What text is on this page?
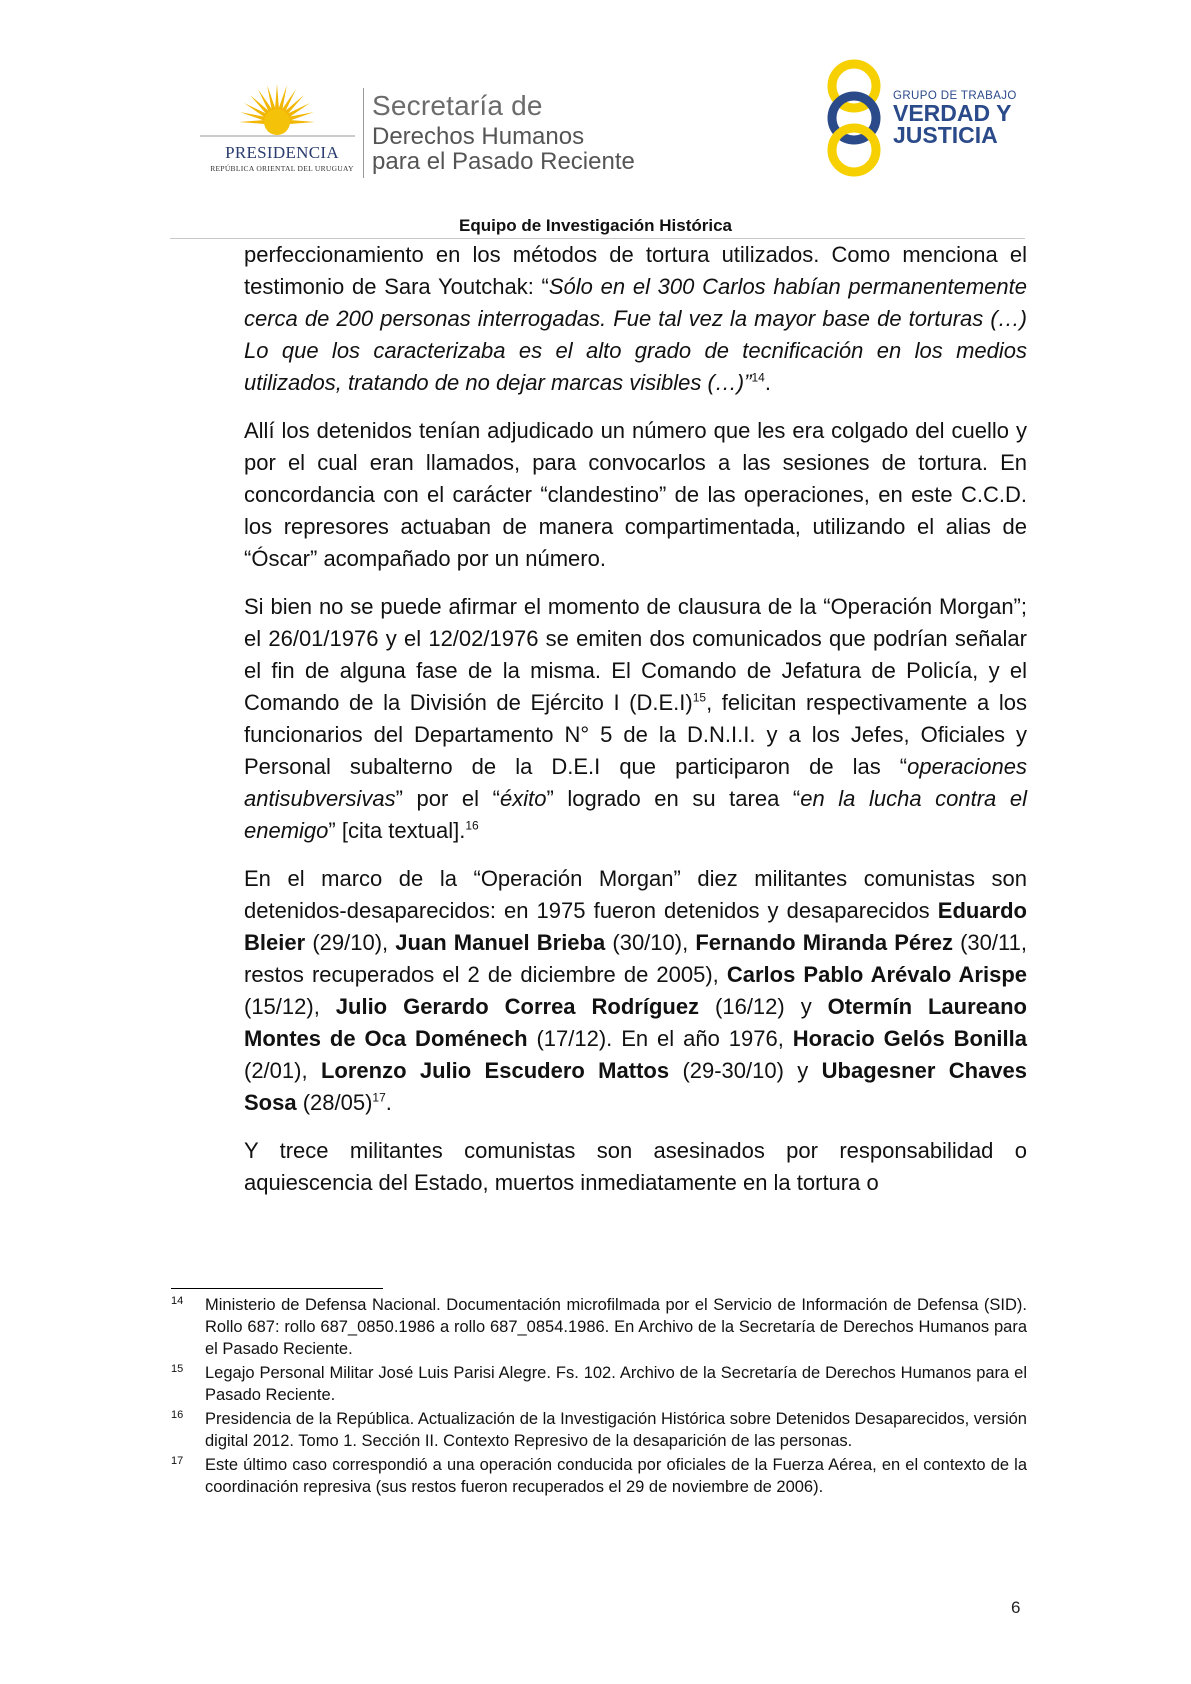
PRESIDENCIA
REPÚBLICA ORIENTAL DEL URUGUAY
Secretaría de
Derechos Humanos
para el Pasado Reciente
GRUPO DE TRABAJO
VERDAD Y
JUSTICIA
Equipo de Investigación Histórica

perfeccionamiento en los métodos de tortura utilizados. Como menciona el testimonio de Sara Youtchak: “Sólo en el 300 Carlos habían permanentemente cerca de 200 personas interrogadas. Fue tal vez la mayor base de torturas (…) Lo que los caracterizaba es el alto grado de tecnificación en los medios utilizados, tratando de no dejar marcas visibles (…)”$^{14}$.

Allí los detenidos tenían adjudicado un número que les era colgado del cuello y por el cual eran llamados, para convocarlos a las sesiones de tortura. En concordancia con el carácter “clandestino” de las operaciones, en este C.C.D. los represores actuaban de manera compartimentada, utilizando el alias de “Óscar” acompañado por un número.

Si bien no se puede afirmar el momento de clausura de la “Operación Morgan”; el 26/01/1976 y el 12/02/1976 se emiten dos comunicados que podrían señalar el fin de alguna fase de la misma. El Comando de Jefatura de Policía, y el Comando de la División de Ejército I $(D.E.I)^{15}$, felicitan respectivamente a los funcionarios del Departamento N° 5 de la D.N.I.I. y a los Jefes, Oficiales y Personal subalterno de la D.E.I que participaron de las “operaciones antisubversivas” por el “éxito” logrado en su tarea “en la lucha contra el enemigo” [cita textual].$^{16}$

En el marco de la “Operación Morgan” diez militantes comunistas son detenidos-desaparecidos: en 1975 fueron detenidos y desaparecidos Eduardo Bleier (29/10), Juan Manuel Brieba (30/10), Fernando Miranda Pérez (30/11, restos recuperados el 2 de diciembre de 2005), Carlos Pablo Arévalo Arispe (15/12), Julio Gerardo Correa Rodríguez (16/12) y Otermín Laureano Montes de Oca Doménech (17/12). En el año 1976, Horacio Gelós Bonilla (2/01), Lorenzo Julio Escudero Mattos (29-30/10) y Ubagesner Chaves Sosa $(28/05)^{17}$.

Y trece militantes comunistas son asesinados por responsabilidad o aquiescencia del Estado, muertos inmediatamente en la tortura o

14 Ministerio de Defensa Nacional. Documentación microfilmada por el Servicio de Información de Defensa (SID). Rollo 687: rollo 687_0850.1986 a rollo 687_0854.1986. En Archivo de la Secretaría de Derechos Humanos para el Pasado Reciente.
15 Legajo Personal Militar José Luis Parisi Alegre. Fs. 102. Archivo de la Secretaría de Derechos Humanos para el Pasado Reciente.
16 Presidencia de la República. Actualización de la Investigación Histórica sobre Detenidos Desaparecidos, versión digital 2012. Tomo 1. Sección II. Contexto Represivo de la desaparición de las personas.
17 Este último caso correspondió a una operación conducida por oficiales de la Fuerza Aérea, en el contexto de la coordinación represiva (sus restos fueron recuperados el 29 de noviembre de 2006).
6
